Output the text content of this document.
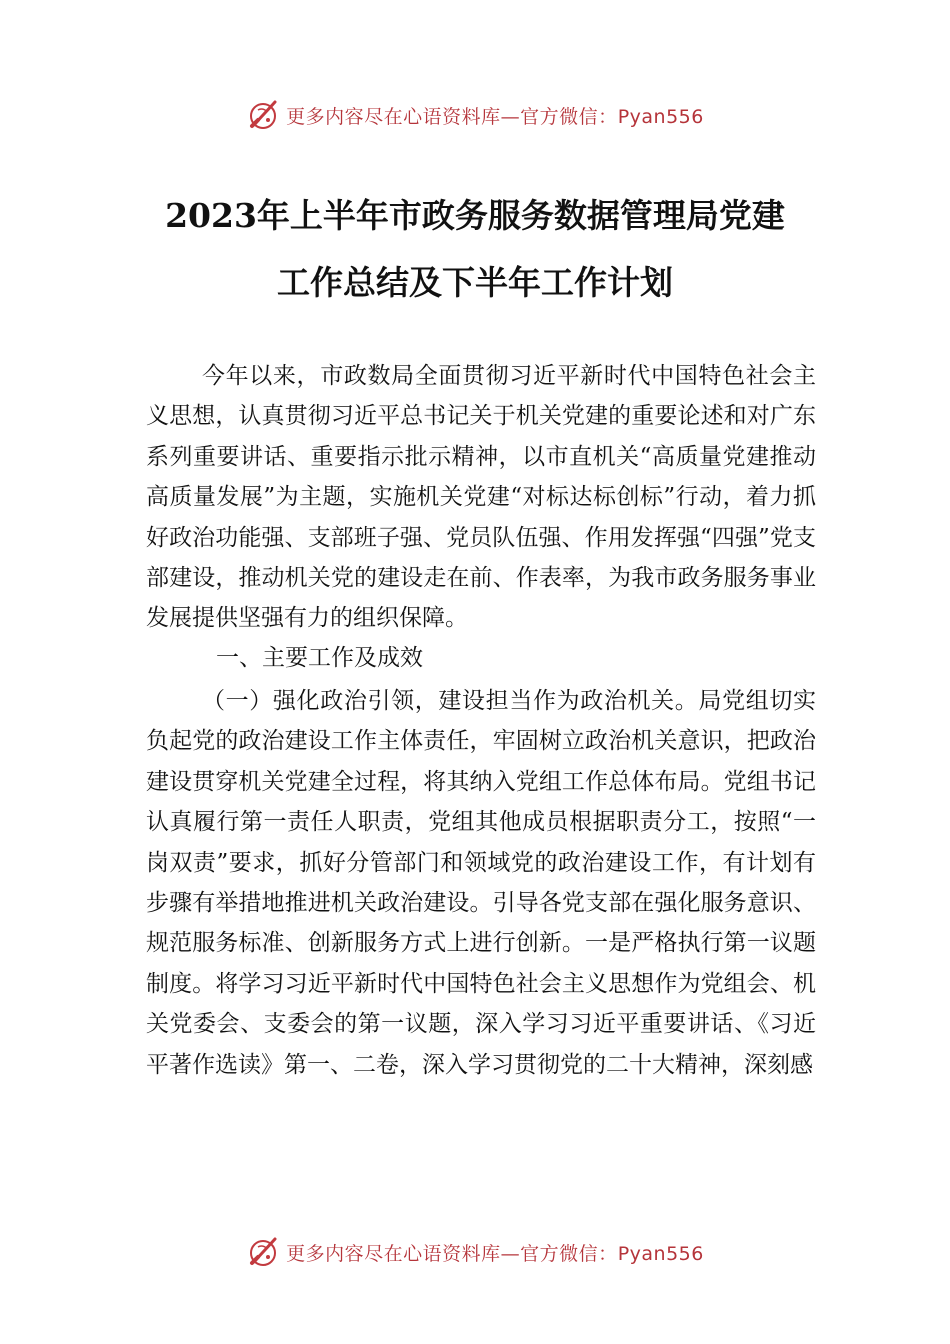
更多内容尽在心语资料库—官方微信：Pyan556
2023年上半年市政务服务数据管理局党建
工作总结及下半年工作计划

今年以来，市政数局全面贯彻习近平新时代中国特色社会主义思想，认真贯彻习近平总书记关于机关党建的重要论述和对广东系列重要讲话、重要指示批示精神，以市直机关“高质量党建推动高质量发展”为主题，实施机关党建“对标达标创标”行动，着力抓好政治功能强、支部班子强、党员队伍强、作用发挥强“四强”党支部建设，推动机关党的建设走在前、作表率，为我市政务服务事业发展提供坚强有力的组织保障。

一、主要工作及成效

（一）强化政治引领，建设担当作为政治机关。局党组切实负起党的政治建设工作主体责任，牢固树立政治机关意识，把政治建设贯穿机关党建全过程，将其纳入党组工作总体布局。党组书记认真履行第一责任人职责，党组其他成员根据职责分工，按照“一岗双责”要求，抓好分管部门和领域党的政治建设工作，有计划有步骤有举措地推进机关政治建设。引导各党支部在强化服务意识、规范服务标准、创新服务方式上进行创新。一是严格执行第一议题制度。将学习习近平新时代中国特色社会主义思想作为党组会、机关党委会、支委会的第一议题，深入学习习近平重要讲话、《习近平著作选读》第一、二卷，深入学习贯彻党的二十大精神，深刻感

更多内容尽在心语资料库—官方微信：Pyan556
